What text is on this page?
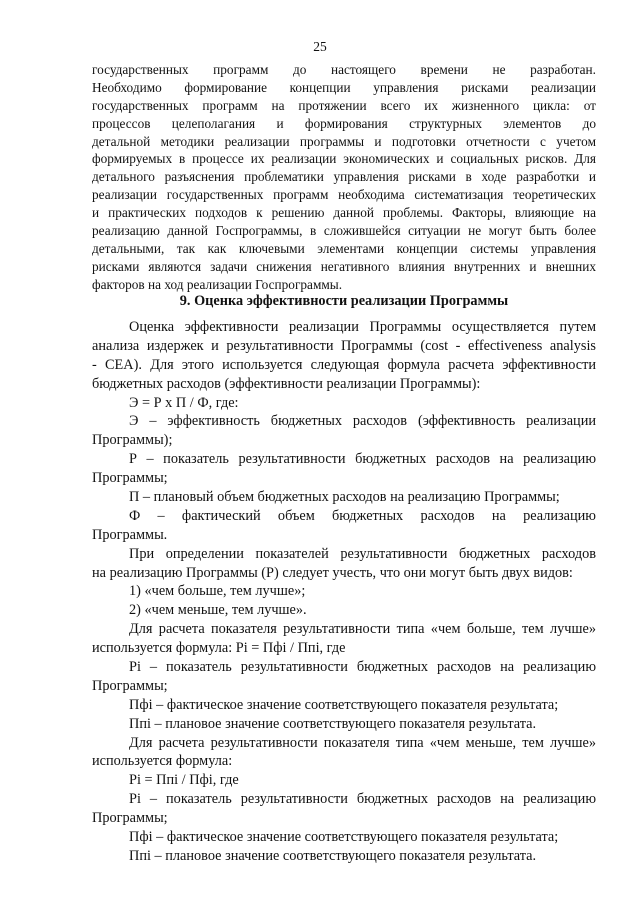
25
государственных программ до настоящего времени не разработан.
Необходимо формирование концепции управления рисками реализации
государственных программ на протяжении всего их жизненного цикла: от
процессов целеполагания и формирования структурных элементов до
детальной методики реализации программы и подготовки отчетности с учетом
формируемых в процессе их реализации экономических и социальных рисков. Для
детального разъяснения проблематики управления рисками в ходе разработки и
реализации государственных программ необходима систематизация теоретических
и практических подходов к решению данной проблемы. Факторы, влияющие на
реализацию данной Госпрограммы, в сложившейся ситуации не могут быть более
детальными, так как ключевыми элементами концепции системы управления
рисками являются задачи снижения негативного влияния внутренних и внешних
факторов на ход реализации Госпрограммы.
9. Оценка эффективности реализации Программы
Оценка эффективности реализации Программы осуществляется путем
анализа издержек и результативности Программы (cost - effectiveness analysis
- CEA). Для этого используется следующая формула расчета эффективности
бюджетных расходов (эффективности реализации Программы):
Э = Р х П / Ф, где:
Э – эффективность бюджетных расходов (эффективность реализации
Программы);
Р – показатель результативности бюджетных расходов на реализацию
Программы;
П – плановый объем бюджетных расходов на реализацию Программы;
Ф – фактический объем бюджетных расходов на реализацию
Программы.
При определении показателей результативности бюджетных расходов
на реализацию Программы (Р) следует учесть, что они могут быть двух видов:
1) «чем больше, тем лучше»;
2) «чем меньше, тем лучше».
Для расчета показателя результативности типа «чем больше, тем лучше»
используется формула: Рi = Пфi / Ппi, где
Рi – показатель результативности бюджетных расходов на реализацию
Программы;
Пфi – фактическое значение соответствующего показателя результата;
Ппi – плановое значение соответствующего показателя результата.
Для расчета результативности показателя типа «чем меньше, тем лучше»
используется формула:
Рi = Ппi / Пфi, где
Рi – показатель результативности бюджетных расходов на реализацию
Программы;
Пфi – фактическое значение соответствующего показателя результата;
Ппi – плановое значение соответствующего показателя результата.
